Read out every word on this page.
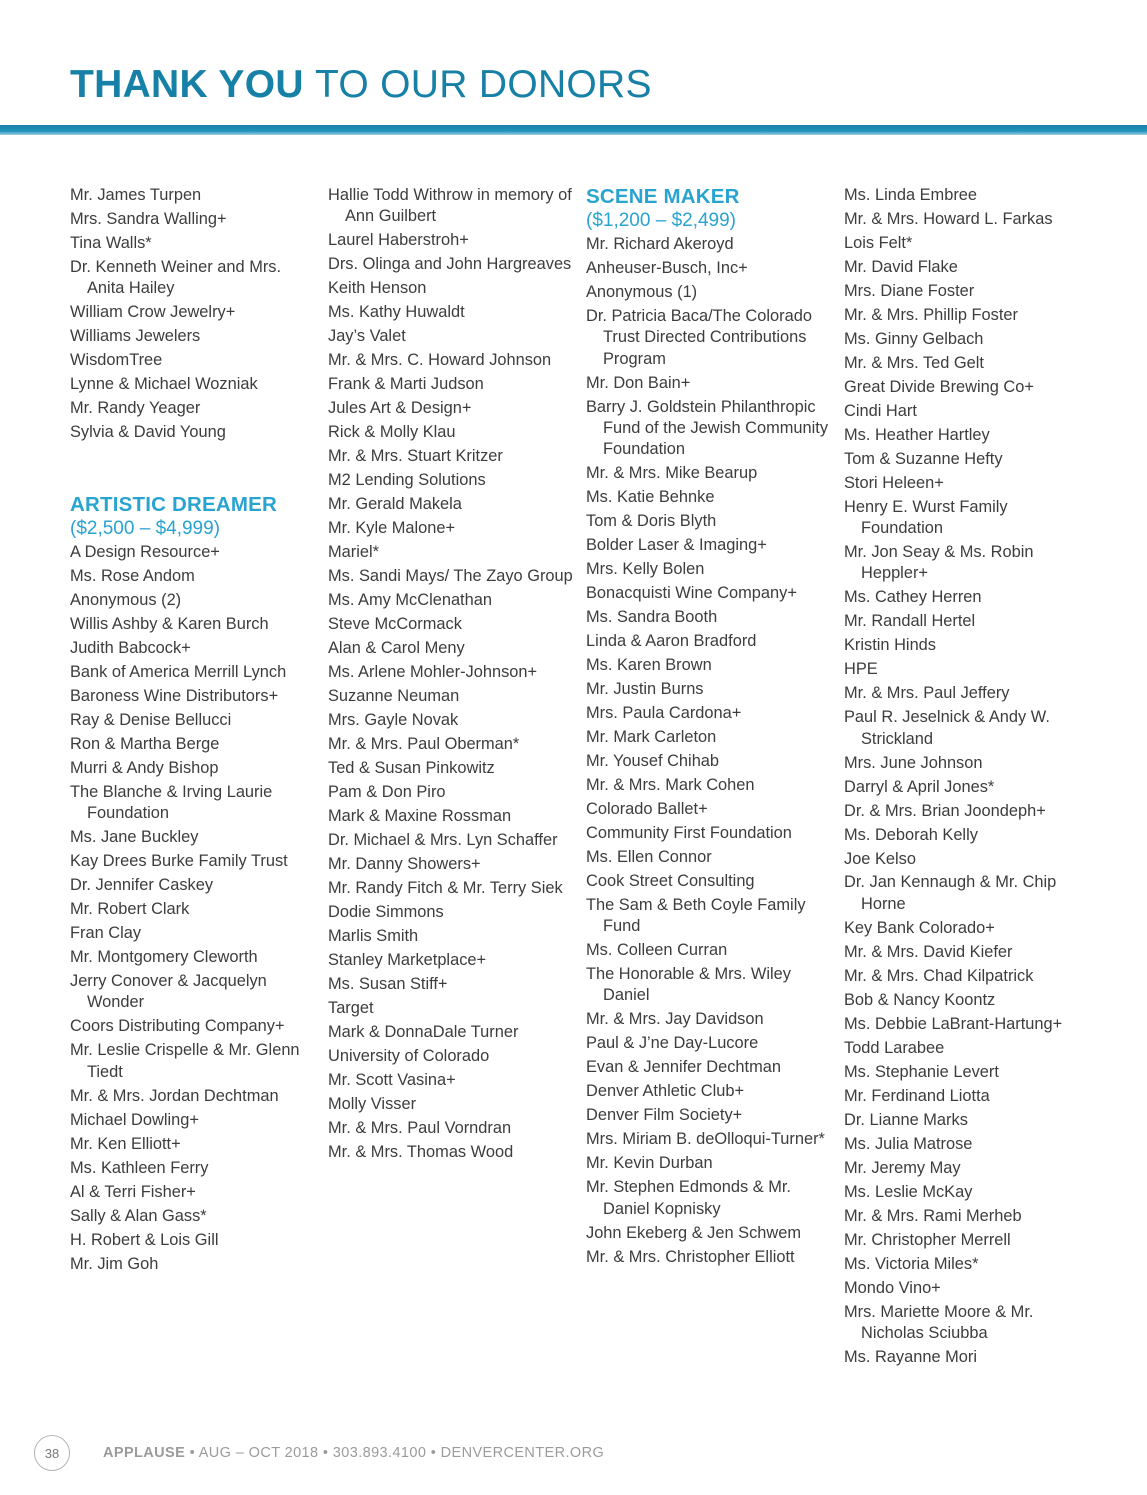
THANK YOU TO OUR DONORS
Mr. James Turpen
Mrs. Sandra Walling+
Tina Walls*
Dr. Kenneth Weiner and Mrs. Anita Hailey
William Crow Jewelry+
Williams Jewelers
WisdomTree
Lynne & Michael Wozniak
Mr. Randy Yeager
Sylvia & David Young
ARTISTIC DREAMER
($2,500 – $4,999)
A Design Resource+
Ms. Rose Andom
Anonymous (2)
Willis Ashby & Karen Burch
Judith Babcock+
Bank of America Merrill Lynch
Baroness Wine Distributors+
Ray & Denise Bellucci
Ron & Martha Berge
Murri & Andy Bishop
The Blanche & Irving Laurie Foundation
Ms. Jane Buckley
Kay Drees Burke Family Trust
Dr. Jennifer Caskey
Mr. Robert Clark
Fran Clay
Mr. Montgomery Cleworth
Jerry Conover & Jacquelyn Wonder
Coors Distributing Company+
Mr. Leslie Crispelle & Mr. Glenn Tiedt
Mr. & Mrs. Jordan Dechtman
Michael Dowling+
Mr. Ken Elliott+
Ms. Kathleen Ferry
Al & Terri Fisher+
Sally & Alan Gass*
H. Robert & Lois Gill
Mr. Jim Goh
Hallie Todd Withrow in memory of Ann Guilbert
Laurel Haberstroh+
Drs. Olinga and John Hargreaves
Keith Henson
Ms. Kathy Huwaldt
Jay’s Valet
Mr. & Mrs. C. Howard Johnson
Frank & Marti Judson
Jules Art & Design+
Rick & Molly Klau
Mr. & Mrs. Stuart Kritzer
M2 Lending Solutions
Mr. Gerald Makela
Mr. Kyle Malone+
Mariel*
Ms. Sandi Mays/ The Zayo Group
Ms. Amy McClenathan
Steve McCormack
Alan & Carol Meny
Ms. Arlene Mohler-Johnson+
Suzanne Neuman
Mrs. Gayle Novak
Mr. & Mrs. Paul Oberman*
Ted & Susan Pinkowitz
Pam & Don Piro
Mark & Maxine Rossman
Dr. Michael & Mrs. Lyn Schaffer
Mr. Danny Showers+
Mr. Randy Fitch & Mr. Terry Siek
Dodie Simmons
Marlis Smith
Stanley Marketplace+
Ms. Susan Stiff+
Target
Mark & DonnaDale Turner
University of Colorado
Mr. Scott Vasina+
Molly Visser
Mr. & Mrs. Paul Vorndran
Mr. & Mrs. Thomas Wood
SCENE MAKER
($1,200 – $2,499)
Mr. Richard Akeroyd
Anheuser-Busch, Inc+
Anonymous (1)
Dr. Patricia Baca/The Colorado Trust Directed Contributions Program
Mr. Don Bain+
Barry J. Goldstein Philanthropic Fund of the Jewish Community Foundation
Mr. & Mrs. Mike Bearup
Ms. Katie Behnke
Tom & Doris Blyth
Bolder Laser & Imaging+
Mrs. Kelly Bolen
Bonacquisti Wine Company+
Ms. Sandra Booth
Linda & Aaron Bradford
Ms. Karen Brown
Mr. Justin Burns
Mrs. Paula Cardona+
Mr. Mark Carleton
Mr. Yousef Chihab
Mr. & Mrs. Mark Cohen
Colorado Ballet+
Community First Foundation
Ms. Ellen Connor
Cook Street Consulting
The Sam & Beth Coyle Family Fund
Ms. Colleen Curran
The Honorable & Mrs. Wiley Daniel
Mr. & Mrs. Jay Davidson
Paul & J’ne Day-Lucore
Evan & Jennifer Dechtman
Denver Athletic Club+
Denver Film Society+
Mrs. Miriam B. deOlloqui-Turner*
Mr. Kevin Durban
Mr. Stephen Edmonds & Mr. Daniel Kopnisky
John Ekeberg & Jen Schwem
Mr. & Mrs. Christopher Elliott
Ms. Linda Embree
Mr. & Mrs. Howard L. Farkas
Lois Felt*
Mr. David Flake
Mrs. Diane Foster
Mr. & Mrs. Phillip Foster
Ms. Ginny Gelbach
Mr. & Mrs. Ted Gelt
Great Divide Brewing Co+
Cindi Hart
Ms. Heather Hartley
Tom & Suzanne Hefty
Stori Heleen+
Henry E. Wurst Family Foundation
Mr. Jon Seay & Ms. Robin Heppler+
Ms. Cathey Herren
Mr. Randall Hertel
Kristin Hinds
HPE
Mr. & Mrs. Paul Jeffery
Paul R. Jeselnick & Andy W. Strickland
Mrs. June Johnson
Darryl & April Jones*
Dr. & Mrs. Brian Joondeph+
Ms. Deborah Kelly
Joe Kelso
Dr. Jan Kennaugh & Mr. Chip Horne
Key Bank Colorado+
Mr. & Mrs. David Kiefer
Mr. & Mrs. Chad Kilpatrick
Bob & Nancy Koontz
Ms. Debbie LaBrant-Hartung+
Todd Larabee
Ms. Stephanie Levert
Mr. Ferdinand Liotta
Dr. Lianne Marks
Ms. Julia Matrose
Mr. Jeremy May
Ms. Leslie McKay
Mr. & Mrs. Rami Merheb
Mr. Christopher Merrell
Ms. Victoria Miles*
Mondo Vino+
Mrs. Mariette Moore & Mr. Nicholas Sciubba
Ms. Rayanne Mori
38	APPLAUSE • AUG – OCT 2018 • 303.893.4100 • DENVERCENTER.ORG
